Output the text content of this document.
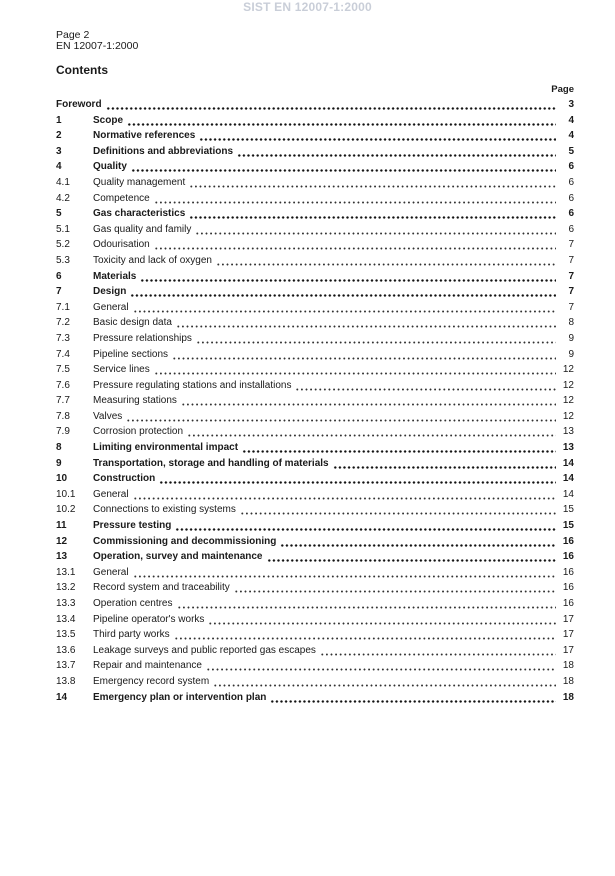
SIST EN 12007-1:2000
Page 2
EN 12007-1:2000
Contents
Page
Foreword	3
1	Scope	4
2	Normative references	4
3	Definitions and abbreviations	5
4	Quality	6
4.1 Quality management	6
4.2 Competence	6
5	Gas characteristics	6
5.1 Gas quality and family	6
5.2 Odourisation	7
5.3 Toxicity and lack of oxygen	7
6	Materials	7
7	Design	7
7.1 General	7
7.2 Basic design data	8
7.3 Pressure relationships	9
7.4 Pipeline sections	9
7.5 Service lines	12
7.6 Pressure regulating stations and installations	12
7.7 Measuring stations	12
7.8 Valves	12
7.9 Corrosion protection	13
8	Limiting environmental impact	13
9	Transportation, storage and handling of materials	14
10	Construction	14
10.1 General	14
10.2 Connections to existing systems	15
11	Pressure testing	15
12	Commissioning and decommissioning	16
13	Operation, survey and maintenance	16
13.1 General	16
13.2 Record system and traceability	16
13.3 Operation centres	16
13.4 Pipeline operator's works	17
13.5 Third party works	17
13.6 Leakage surveys and public reported gas escapes	17
13.7 Repair and maintenance	18
13.8 Emergency record system	18
14	Emergency plan or intervention plan	18
